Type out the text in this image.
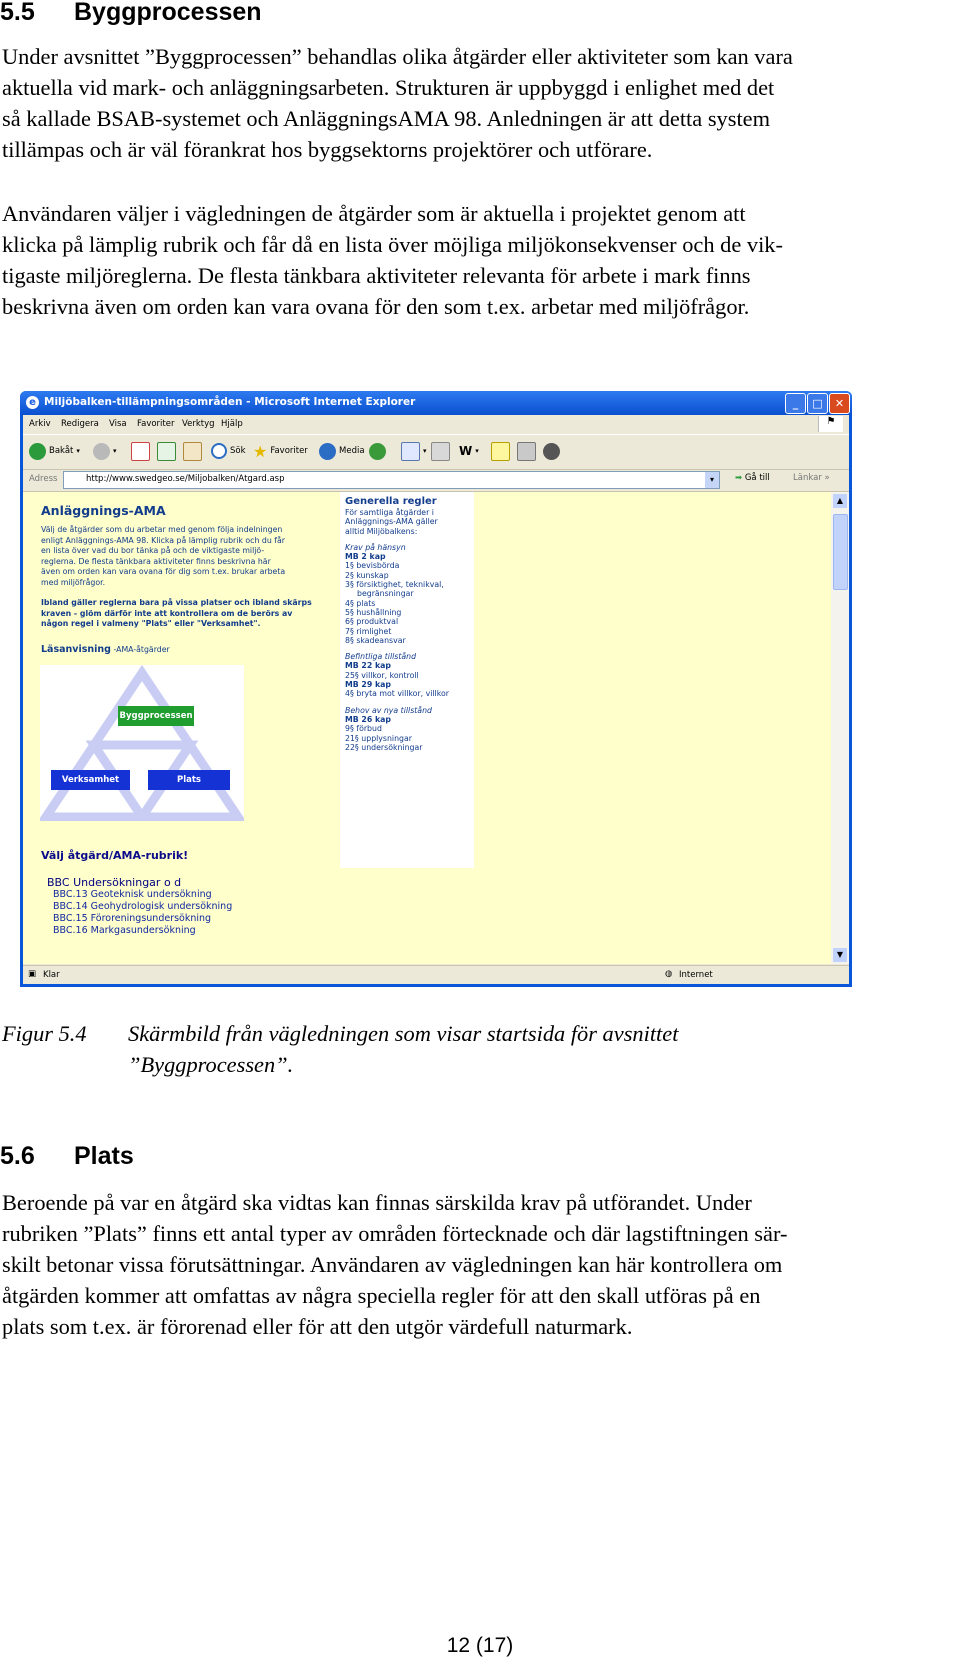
5.5 Byggprocessen
Under avsnittet ”Byggprocessen” behandlas olika åtgärder eller aktiviteter som kan vara
aktuella vid mark- och anläggningsarbeten. Strukturen är uppbyggd i enlighet med det
så kallade BSAB-systemet och AnläggningsAMA 98. Anledningen är att detta system
tillämpas och är väl förankrat hos byggsektorns projektörer och utförare.
Användaren väljer i vägledningen de åtgärder som är aktuella i projektet genom att
klicka på lämplig rubrik och får då en lista över möjliga miljökonsekvenser och de vik-
tigaste miljöreglerna. De flesta tänkbara aktiviteter relevanta för arbete i mark finns
beskrivna även om orden kan vara ovana för den som t.ex. arbetar med miljöfrågor.
e Miljöbalken-tillämpningsområden - Microsoft Internet Explorer	_	□	✕
Arkiv Redigera Visa Favoriter Verktyg Hjälp	⚑
Bakåt ▾	▾	Sök ★ Favoriter	Media	▾	W ▾
Adress	http://www.swedgeo.se/Miljobalken/Atgard.asp	▾	➡ Gå till	Länkar »
Anläggnings-AMA
Välj de åtgärder som du arbetar med genom följa indelningen
enligt Anläggnings-AMA 98. Klicka på lämplig rubrik och du får
en lista över vad du bor tänka på och de viktigaste miljö-
reglerna. De flesta tänkbara aktiviteter finns beskrivna här
även om orden kan vara ovana för dig som t.ex. brukar arbeta
med miljöfrågor.
Ibland gäller reglerna bara på vissa platser och ibland skärps
kraven - glöm därför inte att kontrollera om de berörs av
någon regel i valmeny "Plats" eller "Verksamhet".
Läsanvisning -AMA-åtgärder
Byggprocessen
Verksamhet	Plats
Välj åtgärd/AMA-rubrik!
BBC Undersökningar o d
BBC.13 Geoteknisk undersökning
BBC.14 Geohydrologisk undersökning
BBC.15 Föroreningsundersökning
BBC.16 Markgasundersökning
Generella regler
För samtliga åtgärder i
Anläggnings-AMA gäller
alltid Miljöbalkens:
Krav på hänsyn
MB 2 kap
1§ bevisbörda
2§ kunskap
3§ försiktighet, teknikval,
begränsningar
4§ plats
5§ hushållning
6§ produktval
7§ rimlighet
8§ skadeansvar
Befintliga tillstånd
MB 22 kap
25§ villkor, kontroll
MB 29 kap
4§ bryta mot villkor, villkor
Behov av nya tillstånd
MB 26 kap
9§ förbud
21§ upplysningar
22§ undersökningar
▲
▼
▣ Klar	◍ Internet
Figur 5.4 Skärmbild från vägledningen som visar startsida för avsnittet
”Byggprocessen”.
5.6 Plats
Beroende på var en åtgärd ska vidtas kan finnas särskilda krav på utförandet. Under
rubriken ”Plats” finns ett antal typer av områden förtecknade och där lagstiftningen sär-
skilt betonar vissa förutsättningar. Användaren av vägledningen kan här kontrollera om
åtgärden kommer att omfattas av några speciella regler för att den skall utföras på en
plats som t.ex. är förorenad eller för att den utgör värdefull naturmark.
12 (17)
